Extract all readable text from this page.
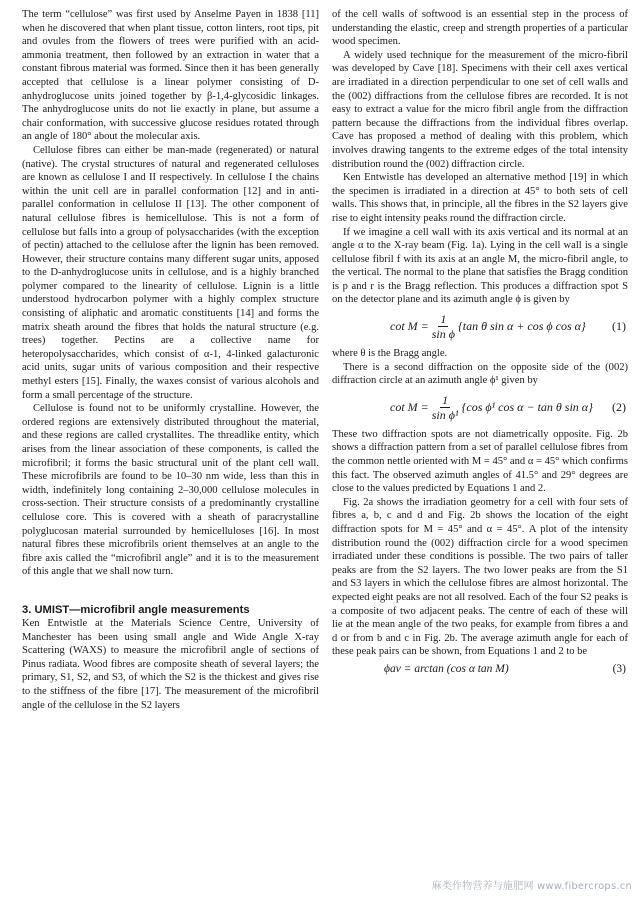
The term “cellulose” was first used by Anselme Payen in 1838 [11] when he discovered that when plant tissue, cotton linters, root tips, pit and ovules from the flowers of trees were purified with an acid-ammonia treatment, then followed by an extraction in water that a constant fibrous material was formed. Since then it has been generally accepted that cellulose is a linear polymer consisting of D-anhydroglucose units joined together by β-1,4-glycosidic linkages. The anhydroglucose units do not lie exactly in plane, but assume a chair conformation, with successive glucose residues rotated through an angle of 180° about the molecular axis.

Cellulose fibres can either be man-made (regenerated) or natural (native). The crystal structures of natural and regenerated celluloses are known as cellulose I and II respectively. In cellulose I the chains within the unit cell are in parallel conformation [12] and in anti-parallel conformation in cellulose II [13]. The other component of natural cellulose fibres is hemicellulose. This is not a form of cellulose but falls into a group of polysaccharides (with the exception of pectin) attached to the cellulose after the lignin has been removed. However, their structure contains many different sugar units, apposed to the D-anhydroglucose units in cellulose, and is a highly branched polymer compared to the linearity of cellulose. Lignin is a little understood hydrocarbon polymer with a highly complex structure consisting of aliphatic and aromatic constituents [14] and forms the matrix sheath around the fibres that holds the natural structure (e.g. trees) together. Pectins are a collective name for heteropolysaccharides, which consist of α-1, 4-linked galacturonic acid units, sugar units of various composition and their respective methyl esters [15]. Finally, the waxes consist of various alcohols and form a small percentage of the structure.

Cellulose is found not to be uniformly crystalline. However, the ordered regions are extensively distributed throughout the material, and these regions are called crystallites. The threadlike entity, which arises from the linear association of these components, is called the microfibril; it forms the basic structural unit of the plant cell wall. These microfibrils are found to be 10–30 nm wide, less than this in width, indefinitely long containing 2–30,000 cellulose molecules in cross-section. Their structure consists of a predominantly crystalline cellulose core. This is covered with a sheath of paracrystalline polyglucosan material surrounded by hemicelluloses [16]. In most natural fibres these microfibrils orient themselves at an angle to the fibre axis called the “microfibril angle” and it is to the measurement of this angle that we shall now turn.

3. UMIST—microfibril angle measurements

Ken Entwistle at the Materials Science Centre, University of Manchester has been using small angle and Wide Angle X-ray Scattering (WAXS) to measure the microfibril angle of sections of Pinus radiata. Wood fibres are composite sheath of several layers; the primary, S1, S2, and S3, of which the S2 is the thickest and gives rise to the stiffness of the fibre [17]. The measurement of the microfibril angle of the cellulose in the S2 layers

of the cell walls of softwood is an essential step in the process of understanding the elastic, creep and strength properties of a particular wood specimen.

A widely used technique for the measurement of the micro-fibril was developed by Cave [18]. Specimens with their cell axes vertical are irradiated in a direction perpendicular to one set of cell walls and the (002) diffractions from the cellulose fibres are recorded. It is not easy to extract a value for the micro fibril angle from the diffraction pattern because the diffractions from the individual fibres overlap. Cave has proposed a method of dealing with this problem, which involves drawing tangents to the extreme edges of the total intensity distribution round the (002) diffraction circle.

Ken Entwistle has developed an alternative method [19] in which the specimen is irradiated in a direction at 45° to both sets of cell walls. This shows that, in principle, all the fibres in the S2 layers give rise to eight intensity peaks round the diffraction circle.

If we imagine a cell wall with its axis vertical and its normal at an angle α to the X-ray beam (Fig. 1a). Lying in the cell wall is a single cellulose fibril f with its axis at an angle M, the micro-fibril angle, to the vertical. The normal to the plane that satisfies the Bragg condition is p and r is the Bragg reflection. This produces a diffraction spot S on the detector plane and its azimuth angle ϕ is given by

$\cot M = \frac{1}{\text{sin ϕ}} \{\tan$ θ sin α + cos ϕ cos α} (1)

where θ is the Bragg angle.

There is a second diffraction on the opposite side of the (002) diffraction circle at an azimuth angle ϕ¹ given by

$\cot M = \frac{1}{\text{sin ϕ¹}} \{\cos$ ϕ¹ cos α − tan θ sin α} (2)

These two diffraction spots are not diametrically opposite. Fig. 2b shows a diffraction pattern from a set of parallel cellulose fibres from the common nettle oriented with M = 45° and α = 45° which confirms this fact. The observed azimuth angles of 41.5° and 29° degrees are close to the values predicted by Equations 1 and 2.

Fig. 2a shows the irradiation geometry for a cell with four sets of fibres a, b, c and d and Fig. 2b shows the location of the eight diffraction spots for M = 45° and α = 45°. A plot of the intensity distribution round the (002) diffraction circle for a wood specimen irradiated under these conditions is possible. The two pairs of taller peaks are from the S2 layers. The two lower peaks are from the S1 and S3 layers in which the cellulose fibres are almost horizontal. The expected eight peaks are not all resolved. Each of the four S2 peaks is a composite of two adjacent peaks. The centre of each of these will lie at the mean angle of the two peaks, for example from fibres a and d or from b and c in Fig. 2b. The average azimuth angle for each of these peak pairs can be shown, from Equations 1 and 2 to be

ϕav = arctan (cos α tan M)	(3)
麻类作物营养与施肥网 www.fibercrops.cn
